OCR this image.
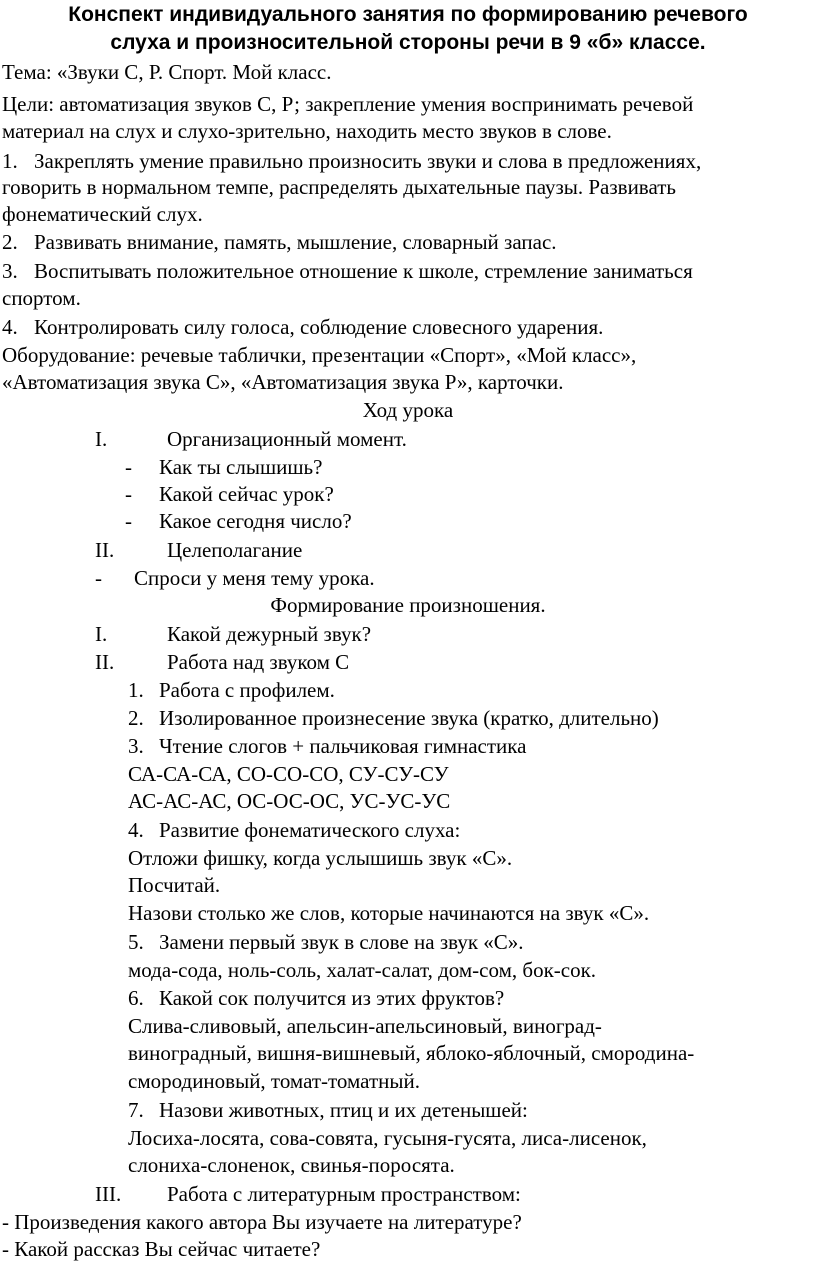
Конспект индивидуального занятия по формированию речевого
слуха и произносительной стороны речи в 9 «б» классе.
Тема: «Звуки С, Р. Спорт. Мой класс.
Цели: автоматизация звуков С, Р; закрепление умения воспринимать речевой
материал на слух и слухо-зрительно, находить место звуков в слове.
1. Закреплять умение правильно произносить звуки и слова в предложениях,
говорить в нормальном темпе, распределять дыхательные паузы. Развивать
фонематический слух.
2. Развивать внимание, память, мышление, словарный запас.
3. Воспитывать положительное отношение к школе, стремление заниматься
спортом.
4. Контролировать силу голоса, соблюдение словесного ударения.
Оборудование: речевые таблички, презентации «Спорт», «Мой класс»,
«Автоматизация звука С», «Автоматизация звука Р», карточки.
Ход урока
I.	Организационный момент.
- Как ты слышишь?
- Какой сейчас урок?
- Какое сегодня число?
II.	Целеполагание
- Спроси у меня тему урока.
Формирование произношения.
I.	Какой дежурный звук?
II.	Работа над звуком С
1. Работа с профилем.
2. Изолированное произнесение звука (кратко, длительно)
3. Чтение слогов + пальчиковая гимнастика
СА-СА-СА, СО-СО-СО, СУ-СУ-СУ
АС-АС-АС, ОС-ОС-ОС, УС-УС-УС
4. Развитие фонематического слуха:
Отложи фишку, когда услышишь звук «С».
Посчитай.
Назови столько же слов, которые начинаются на звук «С».
5. Замени первый звук в слове на звук «С».
мода-сода, ноль-соль, халат-салат, дом-сом, бок-сок.
6. Какой сок получится из этих фруктов?
Слива-сливовый, апельсин-апельсиновый, виноград-
виноградный, вишня-вишневый, яблоко-яблочный, смородина-
смородиновый, томат-томатный.
7. Назови животных, птиц и их детенышей:
Лосиха-лосята, сова-совята, гусыня-гусята, лиса-лисенок,
слониха-слоненок, свинья-поросята.
III. Работа с литературным пространством:
- Произведения какого автора Вы изучаете на литературе?
- Какой рассказ Вы сейчас читаете?
